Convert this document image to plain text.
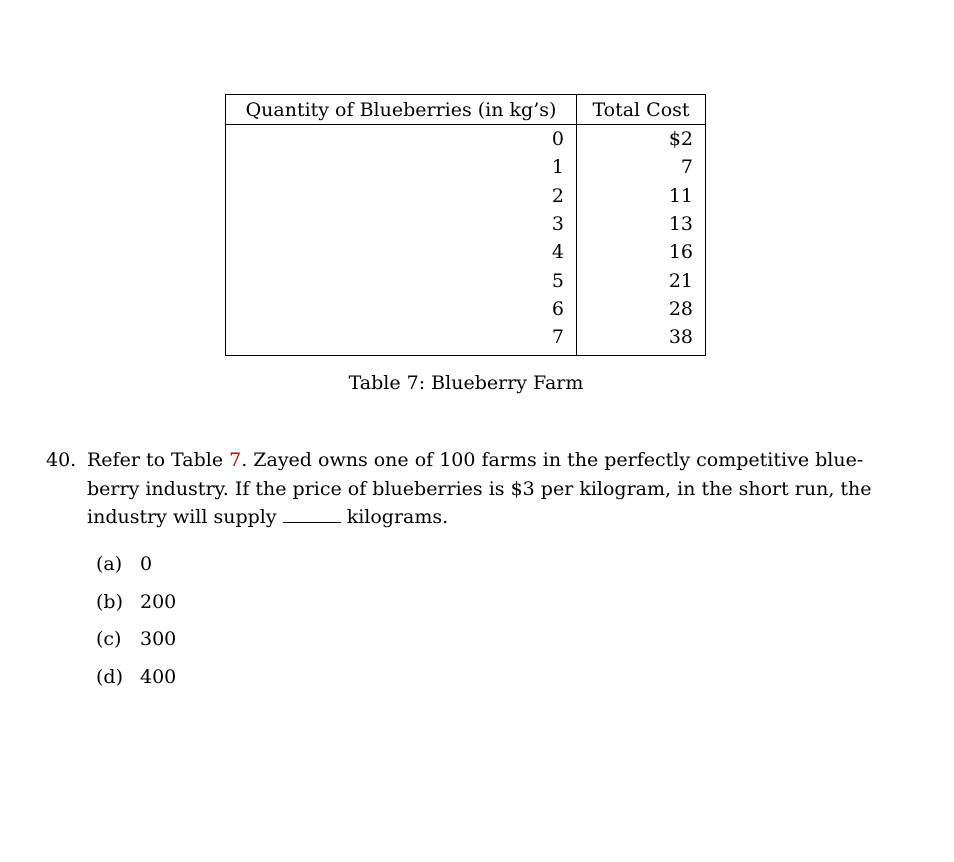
Quantity of Blueberries (in kg’s)	Total Cost
0	$2
1	7
2	11
3	13
4	16
5	21
6	28
7	38
Table 7: Blueberry Farm
40. Refer to Table 7. Zayed owns one of 100 farms in the perfectly competitive blue- berry industry. If the price of blueberries is $3 per kilogram, in the short run, the industry will supply	kilograms.
(a) 0
(b) 200
(c) 300
(d) 400
